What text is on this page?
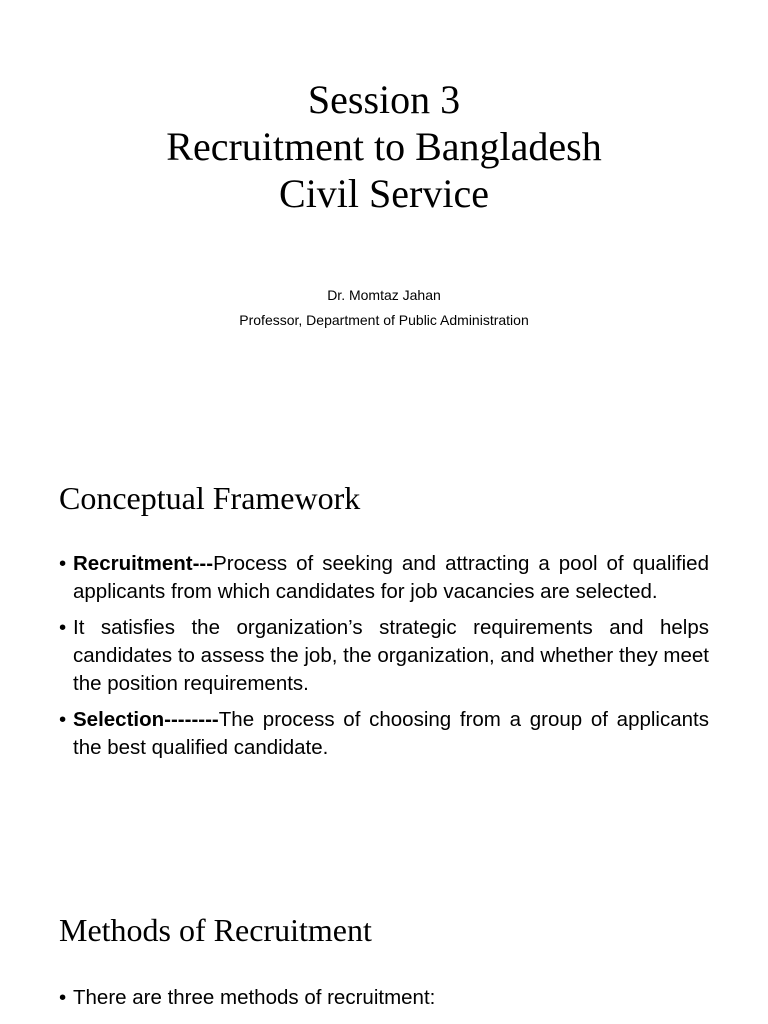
Session 3
Recruitment to Bangladesh
Civil Service
Dr. Momtaz Jahan
Professor, Department of Public Administration
Conceptual Framework
• Recruitment---Process of seeking and attracting a pool of qualified applicants from which candidates for job vacancies are selected.
• It satisfies the organization’s strategic requirements and helps candidates to assess the job, the organization, and whether they meet the position requirements.
• Selection--------The process of choosing from a group of applicants the best qualified candidate.
Methods of Recruitment
• There are three methods of recruitment:
